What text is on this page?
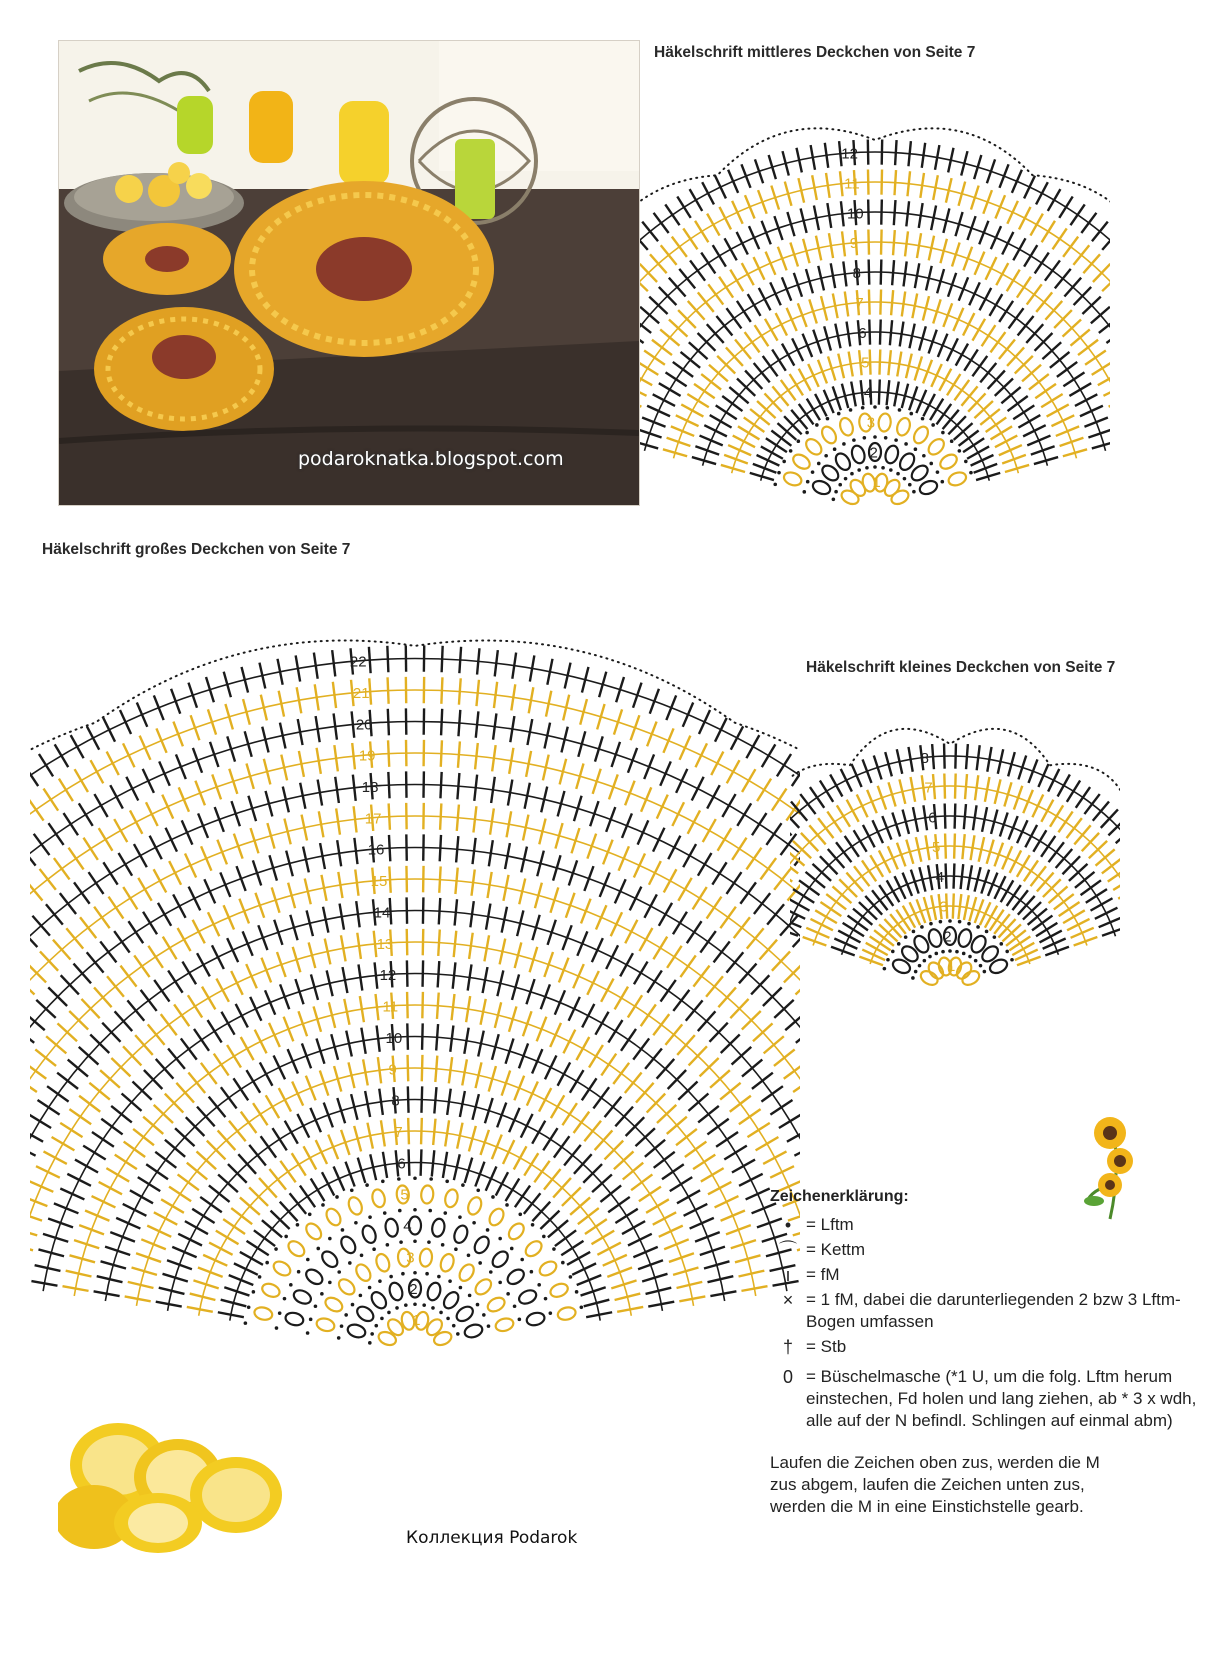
podaroknatka.blogspot.com
Häkelschrift mittleres Deckchen von Seite 7
Häkelschrift großes Deckchen von Seite 7
Häkelschrift kleines Deckchen von Seite 7
1
2
3
4
5
6
7
8
9
10
11
12
1
2
3
4
5
6
7
8
9
10
11
12
13
14
15
16
17
18
19
20
21
22
1
2
3
4
5
6
7
8
Zeichenerklärung:
• = Lftm
⌒ = Kettm
ı = fM
× = 1 fM, dabei die darunterliegenden 2 bzw 3 Lftm-Bogen umfassen
† = Stb
0 = Büschelmasche (*1 U, um die folg. Lftm herum einstechen, Fd holen und lang ziehen, ab * 3 x wdh, alle auf der N befindl. Schlingen auf einmal abm)
Laufen die Zeichen oben zus, werden die M zus abgem, laufen die Zeichen unten zus, werden die M in eine Einstichstelle gearb.
Коллекция Podarok
